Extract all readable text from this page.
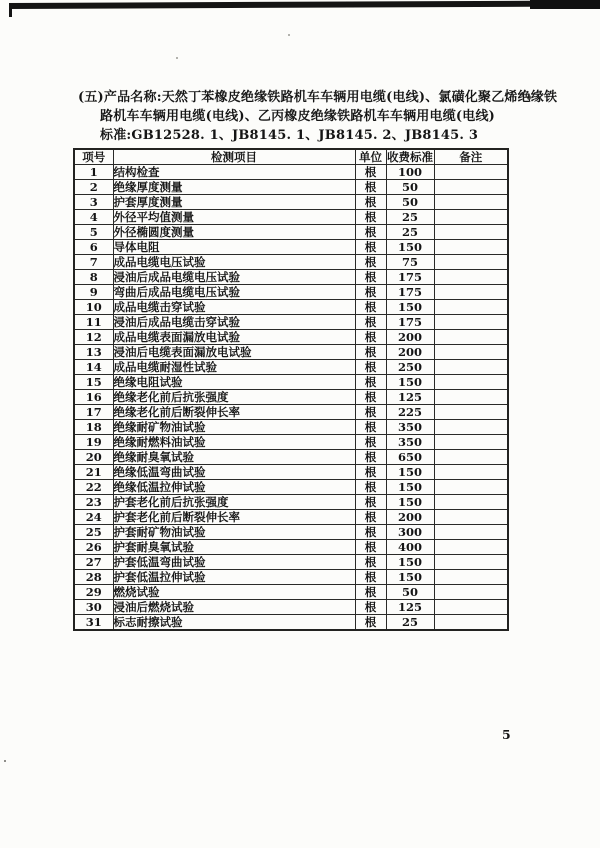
(五)产品名称:天然丁苯橡皮绝缘铁路机车车辆用电缆(电线)、氯磺化聚乙烯绝缘铁
路机车车辆用电缆(电线)、乙丙橡皮绝缘铁路机车车辆用电缆(电线)
标准:GB12528. 1、JB8145. 1、JB8145. 2、JB8145. 3
项号	检测项目	单位	收费标准	备注
1	结构检查	根	100	
2	绝缘厚度测量	根	50	
3	护套厚度测量	根	50	
4	外径平均值测量	根	25	
5	外径椭圆度测量	根	25	
6	导体电阻	根	150	
7	成品电缆电压试验	根	75	
8	浸油后成品电缆电压试验	根	175	
9	弯曲后成品电缆电压试验	根	175	
10	成品电缆击穿试验	根	150	
11	浸油后成品电缆击穿试验	根	175	
12	成品电缆表面漏放电试验	根	200	
13	浸油后电缆表面漏放电试验	根	200	
14	成品电缆耐湿性试验	根	250	
15	绝缘电阻试验	根	150	
16	绝缘老化前后抗张强度	根	125	
17	绝缘老化前后断裂伸长率	根	225	
18	绝缘耐矿物油试验	根	350	
19	绝缘耐燃料油试验	根	350	
20	绝缘耐臭氧试验	根	650	
21	绝缘低温弯曲试验	根	150	
22	绝缘低温拉伸试验	根	150	
23	护套老化前后抗张强度	根	150	
24	护套老化前后断裂伸长率	根	200	
25	护套耐矿物油试验	根	300	
26	护套耐臭氧试验	根	400	
27	护套低温弯曲试验	根	150	
28	护套低温拉伸试验	根	150	
29	燃烧试验	根	50	
30	浸油后燃烧试验	根	125	
31	标志耐擦试验	根	25	
5
